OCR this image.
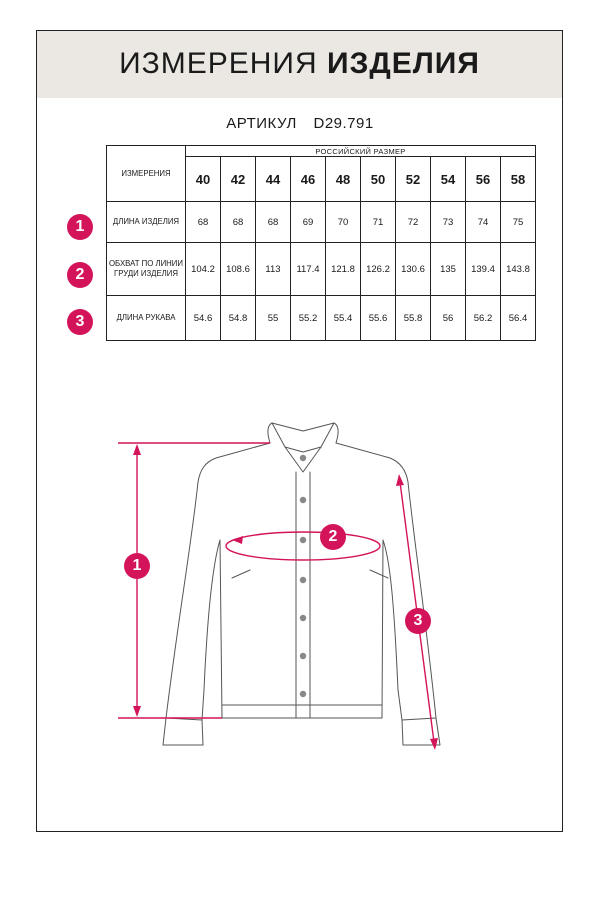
ИЗМЕРЕНИЯ ИЗДЕЛИЯ
АРТИКУЛ D29.791
1
2
3
ИЗМЕРЕНИЯ	РОССИЙСКИЙ РАЗМЕР									
	40	42	44	46	48	50	52	54	56	58
ДЛИНА ИЗДЕЛИЯ	68	68	68	69	70	71	72	73	74	75
ОБХВАТ ПО ЛИНИИ ГРУДИ ИЗДЕЛИЯ	104.2	108.6	113	117.4	121.8	126.2	130.6	135	139.4	143.8
ДЛИНА РУКАВА	54.6	54.8	55	55.2	55.4	55.6	55.8	56	56.2	56.4
1
2
3
